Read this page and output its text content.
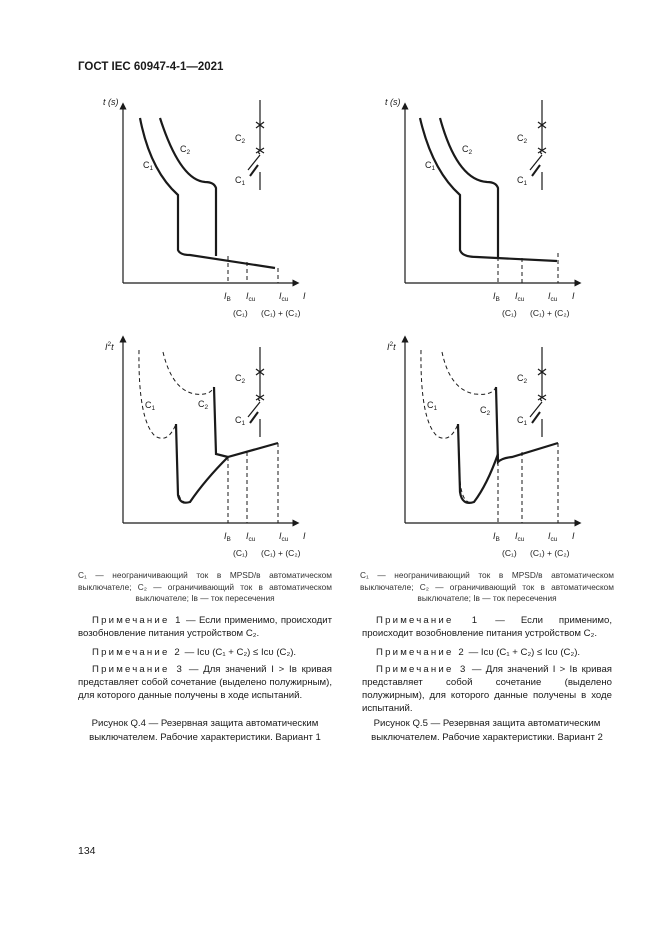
ГОСТ IEC 60947-4-1—2021
$I_B$	$I_{cu}$	$I_{cu}$	I
(C₁)	(C₁) + (C₂)
t (s)
$C_1$
$C_2$
$C_2$
$C_1$
t (s)
$C_1$
$C_2$
$C_2$
$C_1$
$I^2t$
$C_1$	$C_2$
$C_2$
$C_1$
$I^2t$
$C_1$	$C_2$
$C_2$
$C_1$
C₁ — неограничивающий ток в MPSD/в автоматическом выключателе; C₂ — ограничивающий ток в автоматическом выключателе; Iʙ — ток пересечения
Примечание 1 — Если применимо, происходит возобновление питания устройством C₂.
Примечание 2 — Iᴄᴜ (C₁ + C₂) ≤ Iᴄᴜ (C₂).
Примечание 3 — Для значений I > Iʙ кривая представляет собой сочетание (выделено полужирным), для которого данные получены в ходе испытаний.
Рисунок Q.4 — Резервная защита автоматическим выключателем. Рабочие характеристики. Вариант 1
C₁ — неограничивающий ток в MPSD/в автоматическом выключателе; C₂ — ограничивающий ток в автоматическом выключателе; Iʙ — ток пересечения
Примечание 1 — Если применимо, происходит возобновление питания устройством C₂.
Примечание 2 — Iᴄᴜ (C₁ + C₂) ≤ Iᴄᴜ (C₂).
Примечание 3 — Для значений I > Iʙ кривая представляет собой сочетание (выделено полужирным), для которого данные получены в ходе испытаний.
Рисунок Q.5 — Резервная защита автоматическим выключателем. Рабочие характеристики. Вариант 2
134
